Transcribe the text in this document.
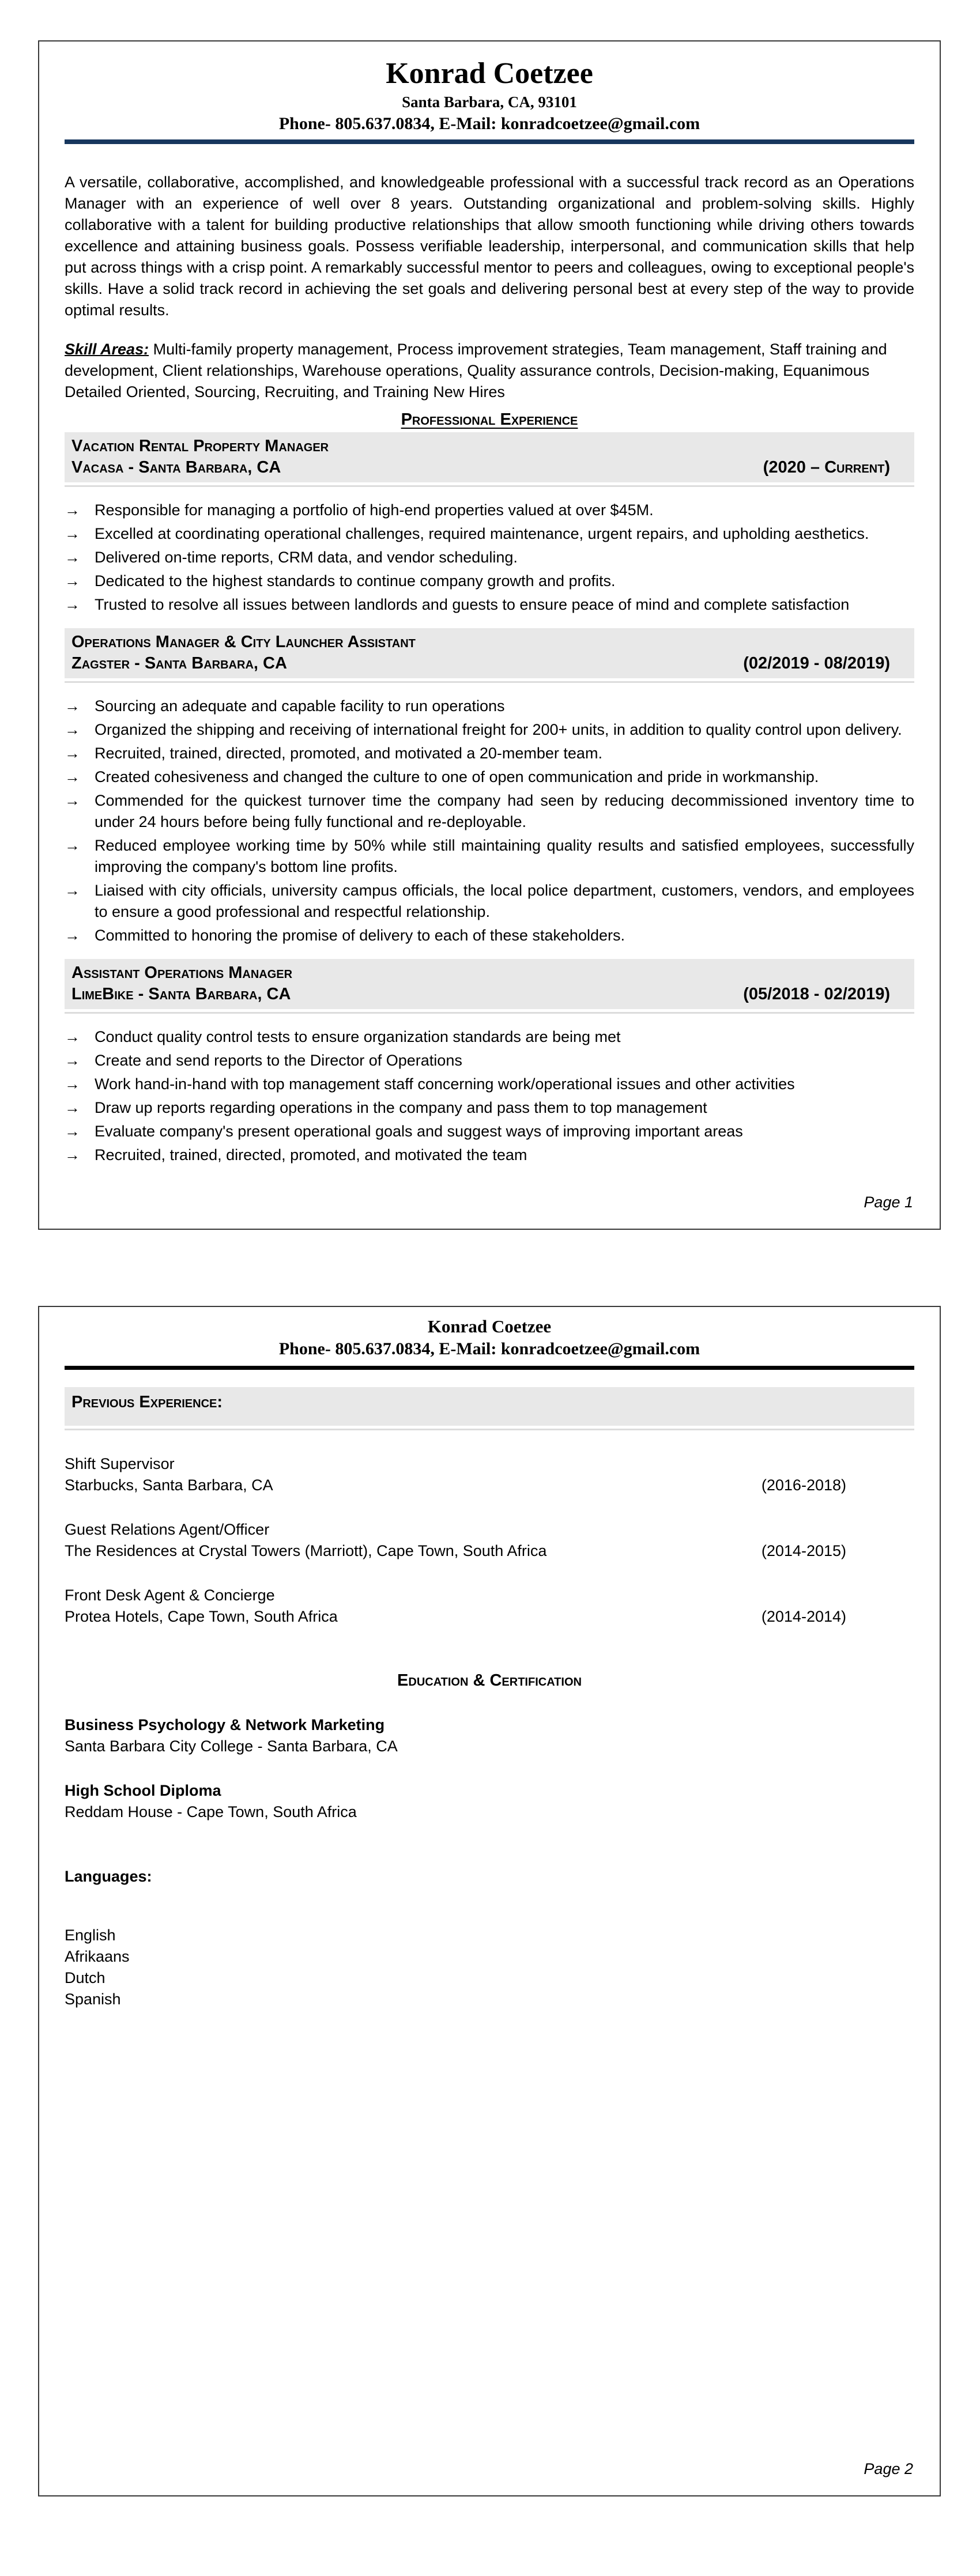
Konrad Coetzee
Santa Barbara, CA, 93101
Phone- 805.637.0834, E-Mail: konradcoetzee@gmail.com

A versatile, collaborative, accomplished, and knowledgeable professional with a successful track record as an Operations Manager with an experience of well over 8 years. Outstanding organizational and problem-solving skills. Highly collaborative with a talent for building productive relationships that allow smooth functioning while driving others towards excellence and attaining business goals. Possess verifiable leadership, interpersonal, and communication skills that help put across things with a crisp point. A remarkably successful mentor to peers and colleagues, owing to exceptional people's skills. Have a solid track record in achieving the set goals and delivering personal best at every step of the way to provide optimal results.

Skill Areas: Multi-family property management, Process improvement strategies, Team management, Staff training and development, Client relationships, Warehouse operations, Quality assurance controls, Decision-making, Equanimous Detailed Oriented, Sourcing, Recruiting, and Training New Hires

Professional Experience
Vacation Rental Property Manager
Vacasa - Santa Barbara, CA	(2020 – Current)
→ Responsible for managing a portfolio of high-end properties valued at over $45M.
→ Excelled at coordinating operational challenges, required maintenance, urgent repairs, and upholding aesthetics.
→ Delivered on-time reports, CRM data, and vendor scheduling.
→ Dedicated to the highest standards to continue company growth and profits.
→ Trusted to resolve all issues between landlords and guests to ensure peace of mind and complete satisfaction
Operations Manager & City Launcher Assistant
Zagster - Santa Barbara, CA	(02/2019 - 08/2019)
→ Sourcing an adequate and capable facility to run operations
→ Organized the shipping and receiving of international freight for 200+ units, in addition to quality control upon delivery.
→ Recruited, trained, directed, promoted, and motivated a 20-member team.
→ Created cohesiveness and changed the culture to one of open communication and pride in workmanship.
→ Commended for the quickest turnover time the company had seen by reducing decommissioned inventory time to under 24 hours before being fully functional and re-deployable.
→ Reduced employee working time by 50% while still maintaining quality results and satisfied employees, successfully improving the company's bottom line profits.
→ Liaised with city officials, university campus officials, the local police department, customers, vendors, and employees to ensure a good professional and respectful relationship.
→ Committed to honoring the promise of delivery to each of these stakeholders.
Assistant Operations Manager
LimeBike - Santa Barbara, CA	(05/2018 - 02/2019)
→ Conduct quality control tests to ensure organization standards are being met
→ Create and send reports to the Director of Operations
→ Work hand-in-hand with top management staff concerning work/operational issues and other activities
→ Draw up reports regarding operations in the company and pass them to top management
→ Evaluate company's present operational goals and suggest ways of improving important areas
→ Recruited, trained, directed, promoted, and motivated the team
Page 1
Konrad Coetzee
Phone- 805.637.0834, E-Mail: konradcoetzee@gmail.com
Previous Experience:
Shift Supervisor
Starbucks, Santa Barbara, CA	(2016-2018)
Guest Relations Agent/Officer
The Residences at Crystal Towers (Marriott), Cape Town, South Africa	(2014-2015)
Front Desk Agent & Concierge
Protea Hotels, Cape Town, South Africa	(2014-2014)
Education & Certification
Business Psychology & Network Marketing
Santa Barbara City College - Santa Barbara, CA
High School Diploma
Reddam House - Cape Town, South Africa
Languages:
English
Afrikaans
Dutch
Spanish
Page 2
